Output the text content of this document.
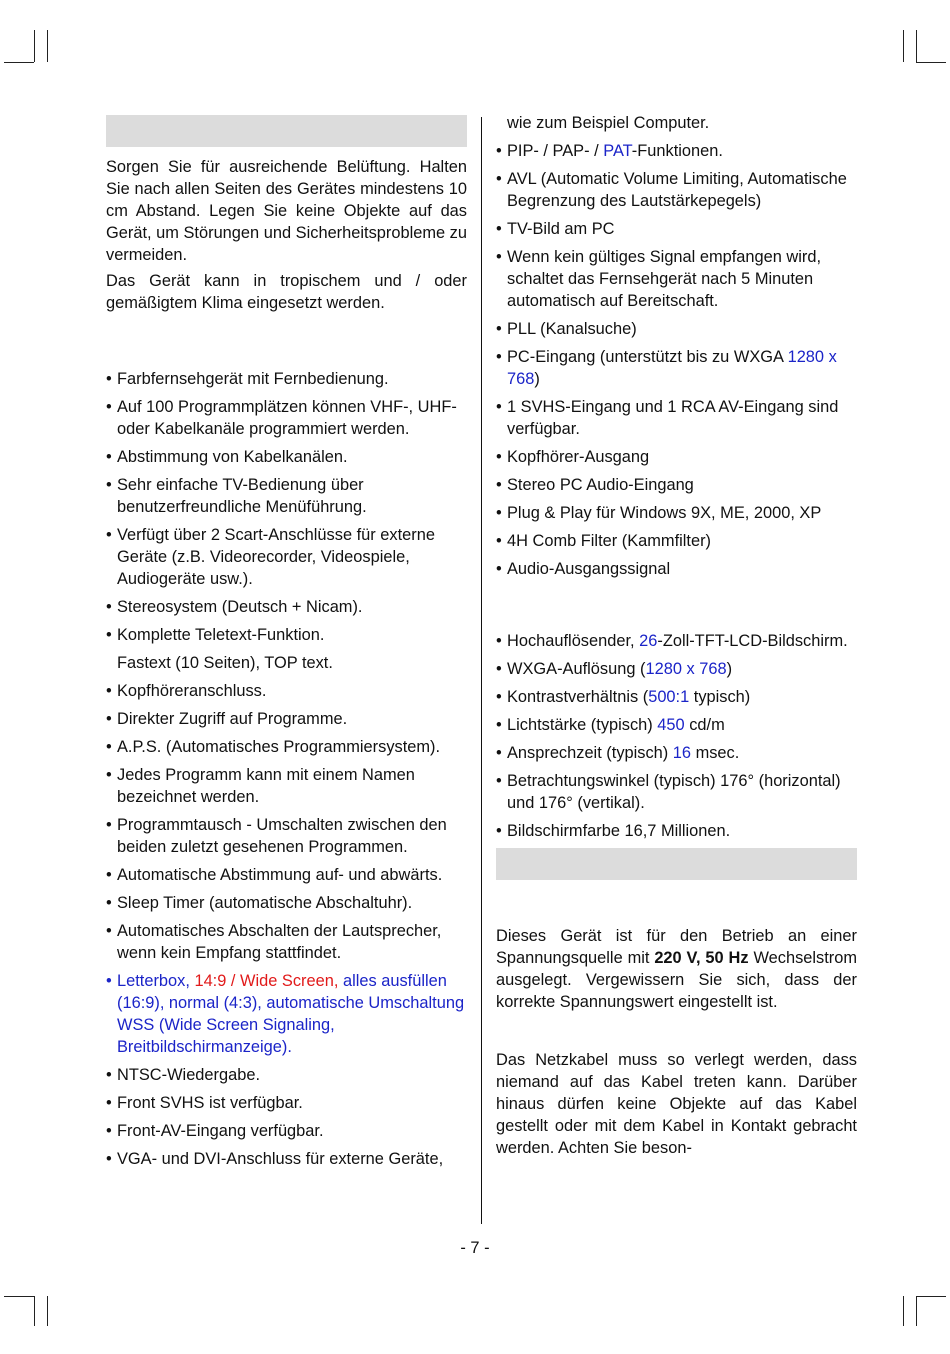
Sorgen Sie für ausreichende Belüftung. Halten Sie nach allen Seiten des Gerätes mindestens 10 cm Abstand. Legen Sie keine Objekte auf das Gerät, um Störungen und Sicherheitsprobleme zu vermeiden.

Das Gerät kann in tropischem und / oder gemäßigtem Klima eingesetzt werden.

• Farbfernsehgerät mit Fernbedienung.
• Auf 100 Programmplätzen können VHF-, UHF- oder Kabelkanäle programmiert werden.
• Abstimmung von Kabelkanälen.
• Sehr einfache TV-Bedienung über benutzerfreundliche Menüführung.
• Verfügt über 2 Scart-Anschlüsse für externe Geräte (z.B. Videorecorder, Videospiele, Audiogeräte usw.).
• Stereosystem (Deutsch + Nicam).
• Komplette Teletext-Funktion.
Fastext (10 Seiten), TOP text.
• Kopfhöreranschluss.
• Direkter Zugriff auf Programme.
• A.P.S. (Automatisches Programmiersystem).
• Jedes Programm kann mit einem Namen bezeichnet werden.
• Programmtausch - Umschalten zwischen den beiden zuletzt gesehenen Programmen.
• Automatische Abstimmung auf- und abwärts.
• Sleep Timer (automatische Abschaltuhr).
• Automatisches Abschalten der Lautsprecher, wenn kein Empfang stattfindet.
• Letterbox, 14:9 / Wide Screen, alles ausfüllen (16:9), normal (4:3), automatische Umschaltung WSS (Wide Screen Signaling, Breitbildschirmanzeige).
• NTSC-Wiedergabe.
• Front SVHS ist verfügbar.
• Front-AV-Eingang verfügbar.
• VGA- und DVI-Anschluss für externe Geräte,
wie zum Beispiel Computer.
• PIP- / PAP- / PAT-Funktionen.
• AVL (Automatic Volume Limiting, Automatische Begrenzung des Lautstärkepegels)
• TV-Bild am PC
• Wenn kein gültiges Signal empfangen wird, schaltet das Fernsehgerät nach 5 Minuten automatisch auf Bereitschaft.
• PLL (Kanalsuche)
• PC-Eingang (unterstützt bis zu WXGA 1280 x 768)
• 1 SVHS-Eingang und 1 RCA AV-Eingang sind verfügbar.
• Kopfhörer-Ausgang
• Stereo PC Audio-Eingang
• Plug & Play für Windows 9X, ME, 2000, XP
• 4H Comb Filter (Kammfilter)
• Audio-Ausgangssignal
• Hochauflösender, 26-Zoll-TFT-LCD-Bildschirm.
• WXGA-Auflösung (1280 x 768)
• Kontrastverhältnis (500:1 typisch)
• Lichtstärke (typisch) 450 cd/m
• Ansprechzeit (typisch) 16 msec.
• Betrachtungswinkel (typisch) 176° (horizontal) und 176° (vertikal).
• Bildschirmfarbe 16,7 Millionen.

Dieses Gerät ist für den Betrieb an einer Spannungsquelle mit 220 V, 50 Hz Wechselstrom ausgelegt. Vergewissern Sie sich, dass der korrekte Spannungswert eingestellt ist.

Das Netzkabel muss so verlegt werden, dass niemand auf das Kabel treten kann. Darüber hinaus dürfen keine Objekte auf das Kabel gestellt oder mit dem Kabel in Kontakt gebracht werden. Achten Sie beson-

- 7 -
